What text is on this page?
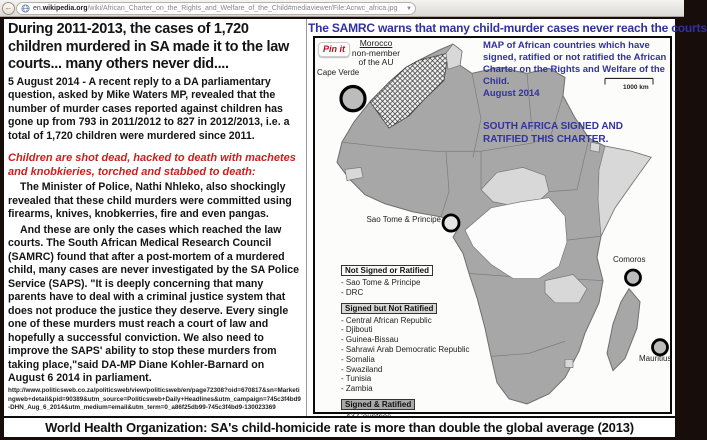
←	en.wikipedia.org/wiki/African_Charter_on_the_Rights_and_Welfare_of_the_Child#mediaviewer/File:Acrwc_africa.jpg ▼
During 2011-2013, the cases of 1,720 children murdered in SA made it to the law courts... many others never did....
5 August 2014 - A recent reply to a DA parliamentary question, asked by Mike Waters MP, revealed that the number of murder cases reported against children has gone up from 793 in 2011/2012 to 827 in 2012/2013, i.e. a total of 1,720 children were murdered since 2011.
Children are shot dead, hacked to death with machetes and knobkieries, torched and stabbed to death:
The Minister of Police, Nathi Nhleko, also shockingly revealed that these child murders were committed using firearms, knives, knobkerries, fire and even pangas.
And these are only the cases which reached the law courts. The South African Medical Research Council (SAMRC) found that after a post-mortem of a murdered child, many cases are never investigated by the SA Police Service (SAPS). "It is deeply concerning that many parents have to deal with a criminal justice system that does not produce the justice they deserve. Every single one of these murders must reach a court of law and hopefully a successful conviction. We also need to improve the SAPS' ability to stop these murders from taking place,"said DA-MP Diane Kohler-Barnard on August 6 2014 in parliament.
http://www.politicsweb.co.za/politicsweb/view/politicsweb/en/page72308?oid=670817&sn=Marketingweb+detail&pid=90389&utm_source=Politicsweb+Daily+Headlines&utm_campaign=745c3f4bd9-DHN_Aug_6_2014&utm_medium=email&utm_term=0_a86f25db99-745c3f4bd9-130023369
The SAMRC warns that many child-murder cases never reach the courts
Pin it
Morocco
non-member
of the AU
Cape Verde
MAP of African countries which have signed, ratified or not ratified the African Charter on the Rights and Welfare of the Child.
August 2014
SOUTH AFRICA SIGNED AND RATIFIED THIS CHARTER.
1000 km
Sao Tome & Principe
Comoros
Mauritius
Not Signed or Ratified
- Sao Tome & Principe
- DRC
Signed but Not Ratified
- Central African Republic
- Djibouti
- Guinea-Bissau
- Sahrawi Arab Democratic Republic
- Somalia
- Swaziland
- Tunisia
- Zambia
Signed & Ratified
World Health Organization: SA's child-homicide rate is more than double the global average (2013)
